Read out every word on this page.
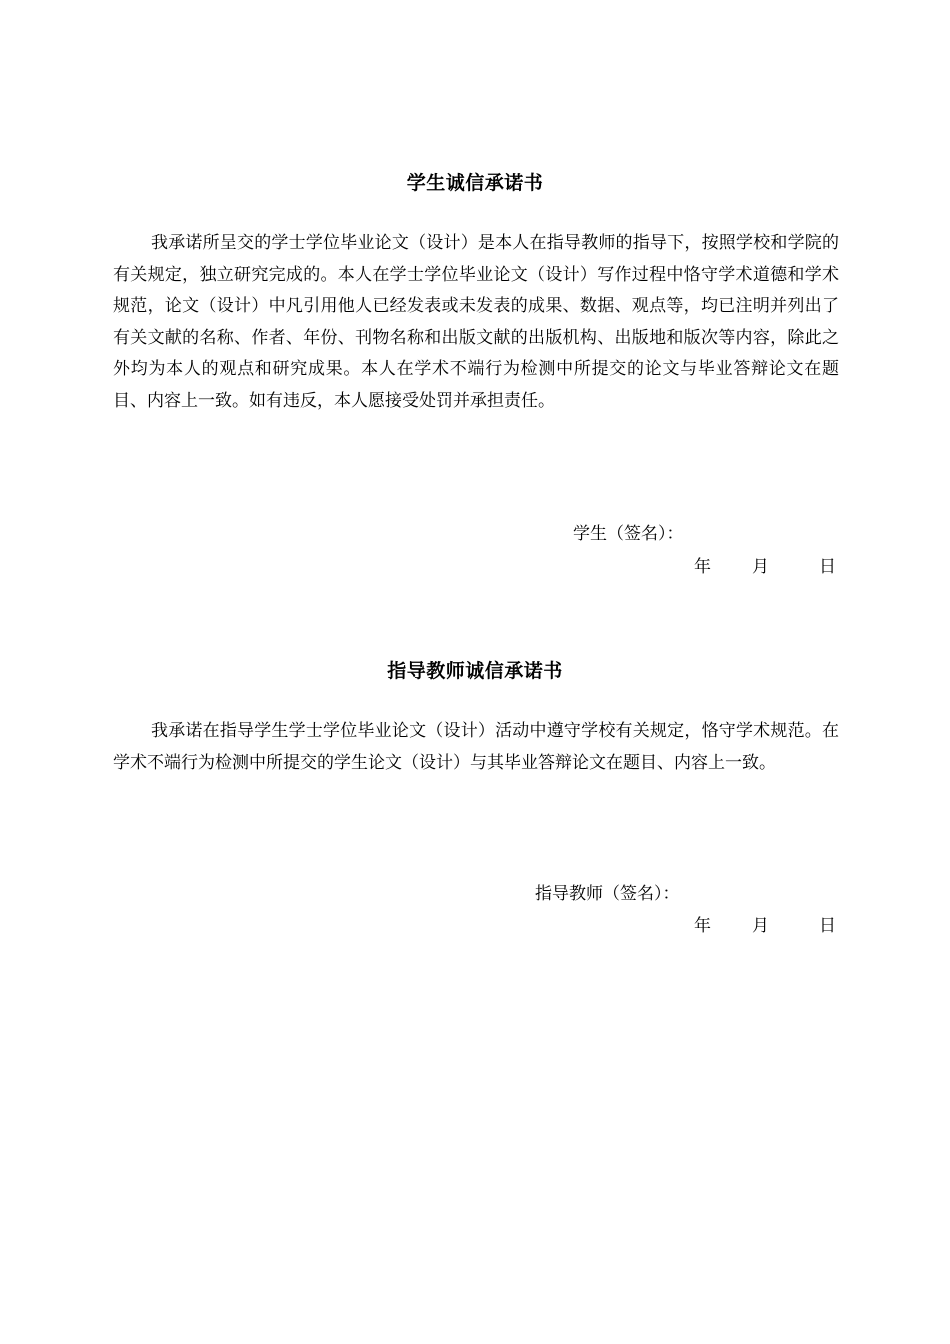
学生诚信承诺书

我承诺所呈交的学士学位毕业论文（设计）是本人在指导教师的指导下，按照学校和学院的有关规定，独立研究完成的。本人在学士学位毕业论文（设计）写作过程中恪守学术道德和学术规范，论文（设计）中凡引用他人已经发表或未发表的成果、数据、观点等，均已注明并列出了有关文献的名称、作者、年份、刊物名称和出版文献的出版机构、出版地和版次等内容，除此之外均为本人的观点和研究成果。本人在学术不端行为检测中所提交的论文与毕业答辩论文在题目、内容上一致。如有违反，本人愿接受处罚并承担责任。

学生（签名）：
年 月	日
指导教师诚信承诺书

我承诺在指导学生学士学位毕业论文（设计）活动中遵守学校有关规定，恪守学术规范。在学术不端行为检测中所提交的学生论文（设计）与其毕业答辩论文在题目、内容上一致。

指导教师（签名）：
年 月	日
